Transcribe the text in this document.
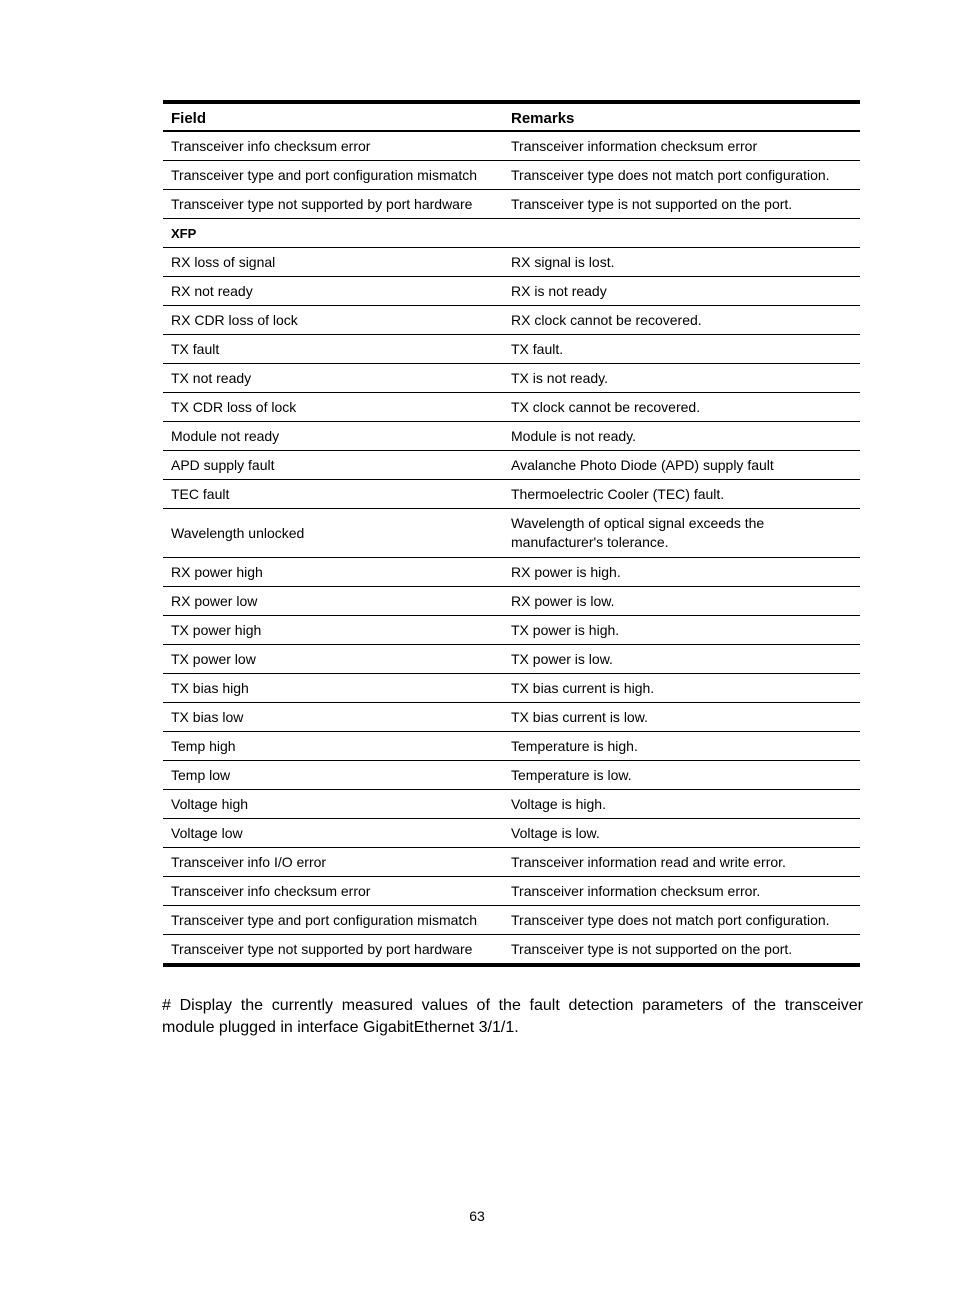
Field	Remarks
Transceiver info checksum error	Transceiver information checksum error
Transceiver type and port configuration mismatch	Transceiver type does not match port configuration.
Transceiver type not supported by port hardware	Transceiver type is not supported on the port.
XFP	
RX loss of signal	RX signal is lost.
RX not ready	RX is not ready
RX CDR loss of lock	RX clock cannot be recovered.
TX fault	TX fault.
TX not ready	TX is not ready.
TX CDR loss of lock	TX clock cannot be recovered.
Module not ready	Module is not ready.
APD supply fault	Avalanche Photo Diode (APD) supply fault
TEC fault	Thermoelectric Cooler (TEC) fault.
Wavelength unlocked	Wavelength of optical signal exceeds the manufacturer's tolerance.
RX power high	RX power is high.
RX power low	RX power is low.
TX power high	TX power is high.
TX power low	TX power is low.
TX bias high	TX bias current is high.
TX bias low	TX bias current is low.
Temp high	Temperature is high.
Temp low	Temperature is low.
Voltage high	Voltage is high.
Voltage low	Voltage is low.
Transceiver info I/O error	Transceiver information read and write error.
Transceiver info checksum error	Transceiver information checksum error.
Transceiver type and port configuration mismatch	Transceiver type does not match port configuration.
Transceiver type not supported by port hardware	Transceiver type is not supported on the port.

# Display the currently measured values of the fault detection parameters of the transceiver module plugged in interface GigabitEthernet 3/1/1.

63
